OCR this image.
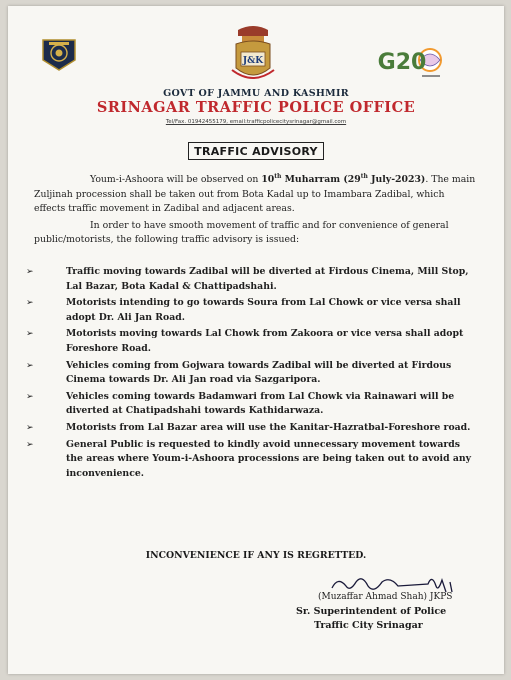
J&K	G20
GOVT OF JAMMU AND KASHMIR
SRINAGAR TRAFFIC POLICE OFFICE
Tel/Fax. 01942455179, email:trafficpolicecitysrinagar@gmail.com
TRAFFIC ADVISORY

Youm-i-Ashoora will be observed on 10th Muharram (29th July-2023). The main Zuljinah procession shall be taken out from Bota Kadal up to Imambara Zadibal, which effects traffic movement in Zadibal and adjacent areas.

In order to have smooth movement of traffic and for convenience of general public/motorists, the following traffic advisory is issued:

➢	Traffic moving towards Zadibal will be diverted at Firdous Cinema, Mill Stop, Lal Bazar, Bota Kadal & Chattipadshahi.
➢	Motorists intending to go towards Soura from Lal Chowk or vice versa shall adopt Dr. Ali Jan Road.
➢	Motorists moving towards Lal Chowk from Zakoora or vice versa shall adopt Foreshore Road.
➢	Vehicles coming from Gojwara towards Zadibal will be diverted at Firdous Cinema towards Dr. Ali Jan road via Sazgaripora.
➢	Vehicles coming towards Badamwari from Lal Chowk via Rainawari will be diverted at Chatipadshahi towards Kathidarwaza.
➢	Motorists from Lal Bazar area will use the Kanitar-Hazratbal-Foreshore road.
➢	General Public is requested to kindly avoid unnecessary movement towards the areas where Youm-i-Ashoora processions are being taken out to avoid any inconvenience.
INCONVENIENCE IF ANY IS REGRETTED.
(Muzaffar Ahmad Shah) JKPS
Sr. Superintendent of Police
Traffic City Srinagar
